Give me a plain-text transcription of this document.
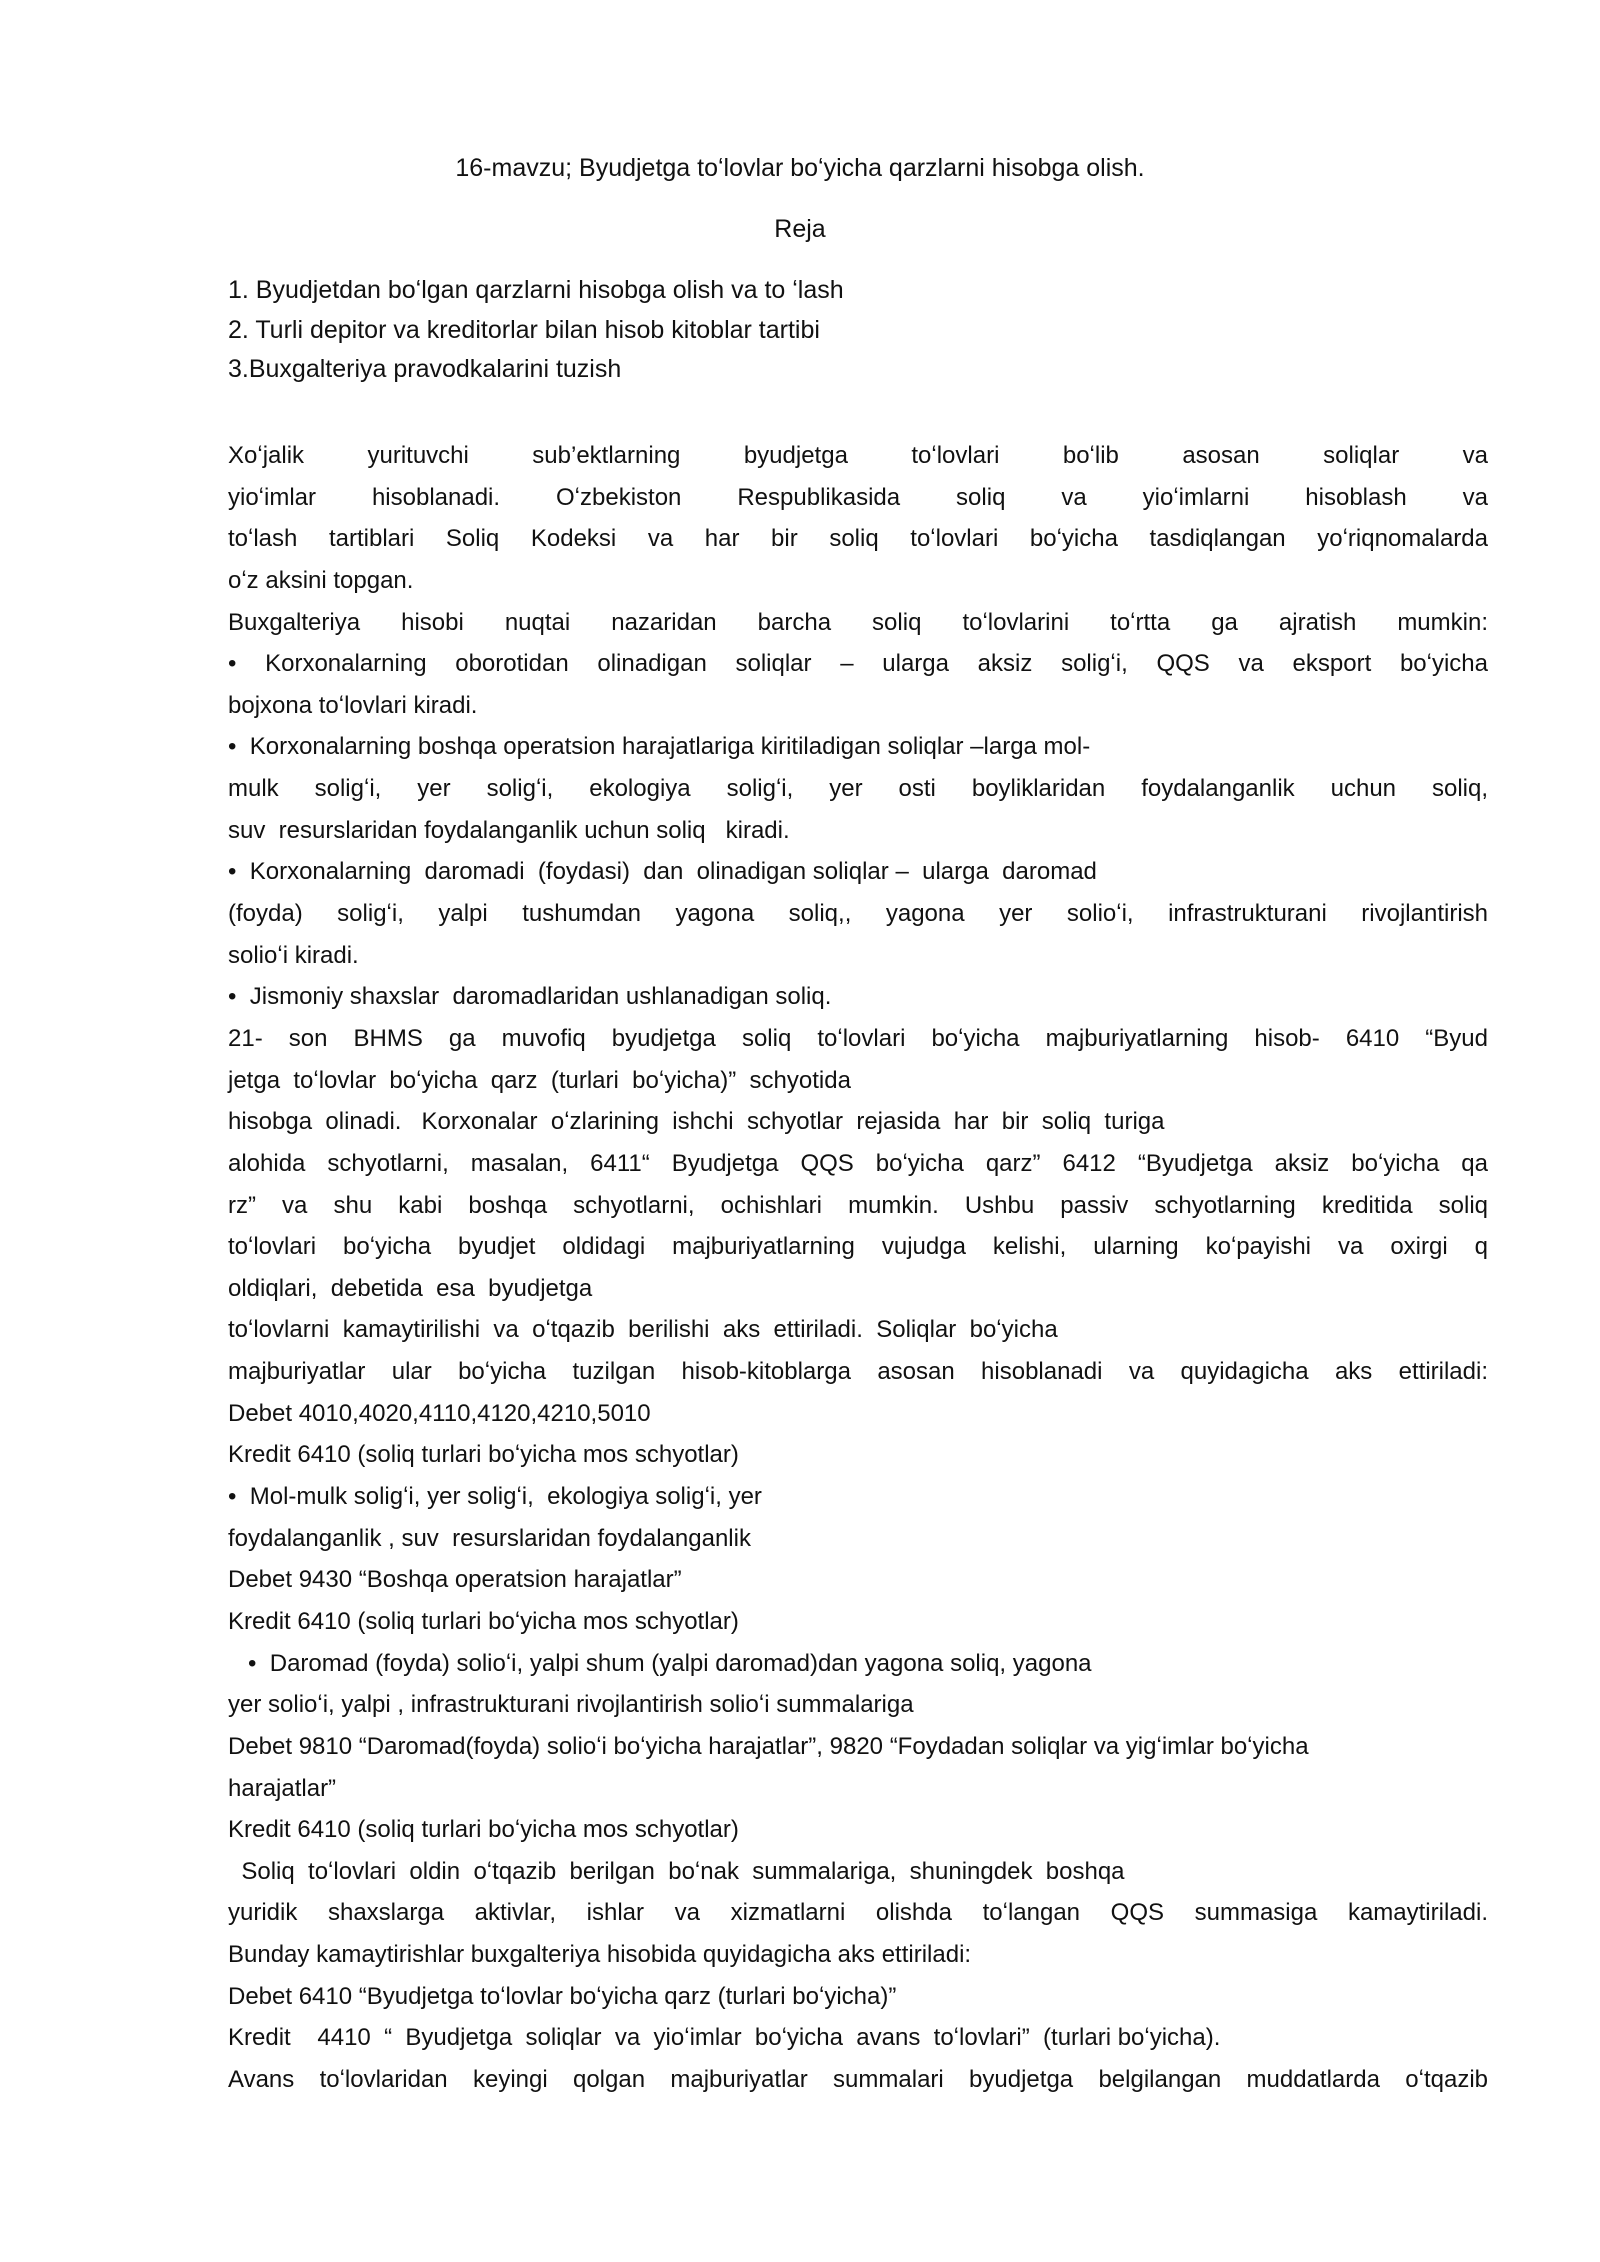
16-mavzu; Byudjetga toʻlovlar boʻyicha qarzlarni hisobga olish.
Reja
1. Byudjetdan boʻlgan qarzlarni hisobga olish va to ʻlash
2. Turli depitor va kreditorlar bilan hisob kitoblar tartibi
3.Buxgalteriya pravodkalarini tuzish
Xoʻjalik yurituvchi sub’ektlarning byudjetga toʻlovlari boʻlib asosan soliqlar va
yioʻimlar hisoblanadi. Oʻzbekiston Respublikasida soliq va yioʻimlarni hisoblash va
toʻlash tartiblari Soliq Kodeksi va har bir soliq toʻlovlari boʻyicha tasdiqlangan yoʻriqnomalarda
oʻz aksini topgan.
Buxgalteriya hisobi nuqtai nazaridan barcha soliq toʻlovlarini toʻrtta ga ajratish mumkin:
• Korxonalarning oborotidan olinadigan soliqlar – ularga aksiz soligʻi, QQS va eksport boʻyicha
bojxona toʻlovlari kiradi.
•  Korxonalarning boshqa operatsion harajatlariga kiritiladigan soliqlar –larga mol-
mulk soligʻi, yer soligʻi, ekologiya soligʻi, yer osti boyliklaridan foydalanganlik uchun soliq,
suv  resurslaridan foydalanganlik uchun soliq   kiradi.
•  Korxonalarning  daromadi  (foydasi)  dan  olinadigan soliqlar –  ularga  daromad
(foyda) soligʻi, yalpi tushumdan yagona soliq,, yagona yer solioʻi, infrastrukturani rivojlantirish
solioʻi kiradi.
•  Jismoniy shaxslar  daromadlaridan ushlanadigan soliq.
21- son BHMS ga muvofiq byudjetga soliq toʻlovlari boʻyicha majburiyatlarning hisob- 6410 “Byud
jetga  toʻlovlar  boʻyicha  qarz  (turlari  boʻyicha)”  schyotida
hisobga  olinadi.   Korxonalar  oʻzlarining  ishchi  schyotlar  rejasida  har  bir  soliq  turiga
alohida schyotlarni, masalan, 6411“ Byudjetga QQS boʻyicha qarz” 6412 “Byudjetga aksiz boʻyicha qa
rz” va shu kabi boshqa schyotlarni, ochishlari mumkin. Ushbu passiv schyotlarning kreditida soliq
toʻlovlari boʻyicha byudjet oldidagi majburiyatlarning vujudga kelishi, ularning koʻpayishi va oxirgi q
oldiqlari,  debetida  esa  byudjetga
toʻlovlarni  kamaytirilishi  va  oʻtqazib  berilishi  aks  ettiriladi.  Soliqlar  boʻyicha
majburiyatlar ular boʻyicha tuzilgan hisob-kitoblarga asosan hisoblanadi va quyidagicha aks ettiriladi:
Debet 4010,4020,4110,4120,4210,5010
Kredit 6410 (soliq turlari boʻyicha mos schyotlar)
•  Mol-mulk soligʻi, yer soligʻi,  ekologiya soligʻi, yer
foydalanganlik , suv  resurslaridan foydalanganlik
Debet 9430 “Boshqa operatsion harajatlar”
Kredit 6410 (soliq turlari boʻyicha mos schyotlar)
•  Daromad (foyda) solioʻi, yalpi shum (yalpi daromad)dan yagona soliq, yagona
yer solioʻi, yalpi , infrastrukturani rivojlantirish solioʻi summalariga
Debet 9810 “Daromad(foyda) solioʻi boʻyicha harajatlar”, 9820 “Foydadan soliqlar va yigʻimlar boʻyicha
harajatlar”
Kredit 6410 (soliq turlari boʻyicha mos schyotlar)
Soliq  toʻlovlari  oldin  oʻtqazib  berilgan  boʻnak  summalariga,  shuningdek  boshqa
yuridik shaxslarga aktivlar, ishlar va xizmatlarni olishda toʻlangan QQS summasiga kamaytiriladi.
Bunday kamaytirishlar buxgalteriya hisobida quyidagicha aks ettiriladi:
Debet 6410 “Byudjetga toʻlovlar boʻyicha qarz (turlari boʻyicha)”
Kredit    4410  “  Byudjetga  soliqlar  va  yioʻimlar  boʻyicha  avans  toʻlovlari”  (turlari boʻyicha).
Avans toʻlovlaridan keyingi qolgan majburiyatlar summalari byudjetga belgilangan muddatlarda oʻtqazib
